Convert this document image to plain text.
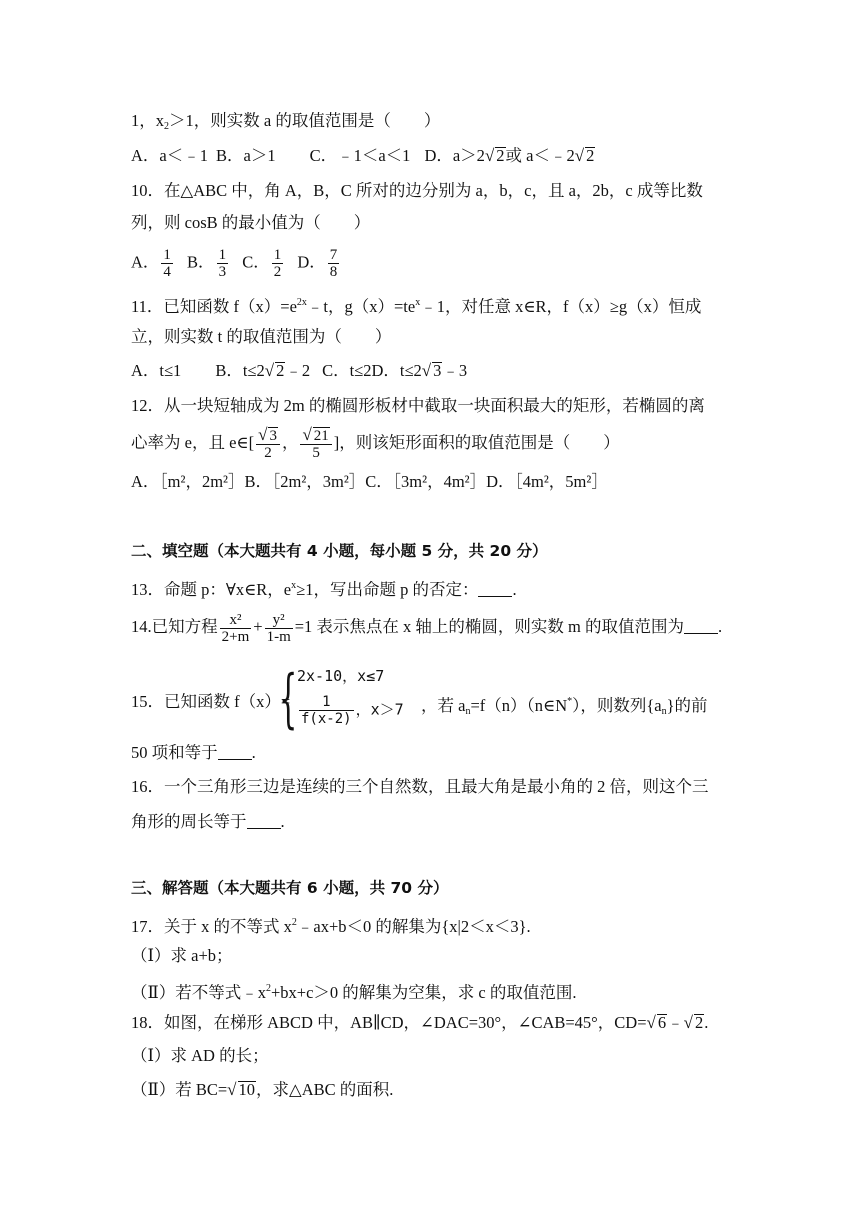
1，$x_2>1$，则实数 a 的取值范围是（　　）
A．a＜﹣1 B．a＞1 C．﹣1＜a＜1 D．a＞2√ 2或 a＜﹣2√ 2
10．在△ABC 中，角 A，B，C 所对的边分别为 a，b，c，且 a，2b，c 成等比数
列，则 cosB 的最小值为（　　）
A． $\frac{1}{4}$ B． $\frac{1}{3}$ C． $\frac{1}{2}$ D． $\frac{7}{8}$
11．已知函数 $f(x)=e^{2x}﹣t$，$g(x)=te^x﹣1$，对任意 x∈R，f（x）≥g（x）恒成
立，则实数 t 的取值范围为（　　）
A．t≤1 B．t≤2√ 2﹣2 C．t≤2D．t≤2√ 3﹣3
12．从一块短轴成为 2m 的椭圆形板材中截取一块面积最大的矩形，若椭圆的离
心率为 e，且 e∈[ $\frac{√ 3}{2}$ ， $\frac{√ 21}{5}$ ]，则该矩形面积的取值范围是（　　）
A．［m²，2m²］B．［2m²，3m²］C．［3m²，4m²］D．［4m²，5m²］
二、填空题（本大题共有 4 小题，每小题 5 分，共 20 分）
13．命题 p：∀x∈R，$e^x\ge 1$，写出命题 p 的否定： .
14.已知方程 $\frac{\text{x²}}{2+m} + \frac{\text{y²}}{1-m} =1$ 表示焦点在 x 轴上的椭圆，则实数 m 的取值范围为 .
15．已知函数 f（x）=
{ 2x-10，x≤7
$\frac{1}{f(x-2)}$ ，x＞7 ，若 $a_n=f(n)(n\in N^*)$，则数列$\{a_n\}$的前
50 项和等于 .
16．一个三角形三边是连续的三个自然数，且最大角是最小角的 2 倍，则这个三
角形的周长等于 .
三、解答题（本大题共有 6 小题，共 70 分）
17．关于 x 的不等式 $x^2﹣ax+b<0$ 的解集为{x|2＜x＜3}.
（Ⅰ）求 a+b；
（Ⅱ）若不等式$﹣x^2+bx+c>0$ 的解集为空集，求 c 的取值范围.
18．如图，在梯形 ABCD 中，AB∥CD，∠DAC=30°，∠CAB=45°，CD=√ 6﹣√ 2.
（Ⅰ）求 AD 的长；
（Ⅱ）若 BC=√ 10，求△ABC 的面积.
